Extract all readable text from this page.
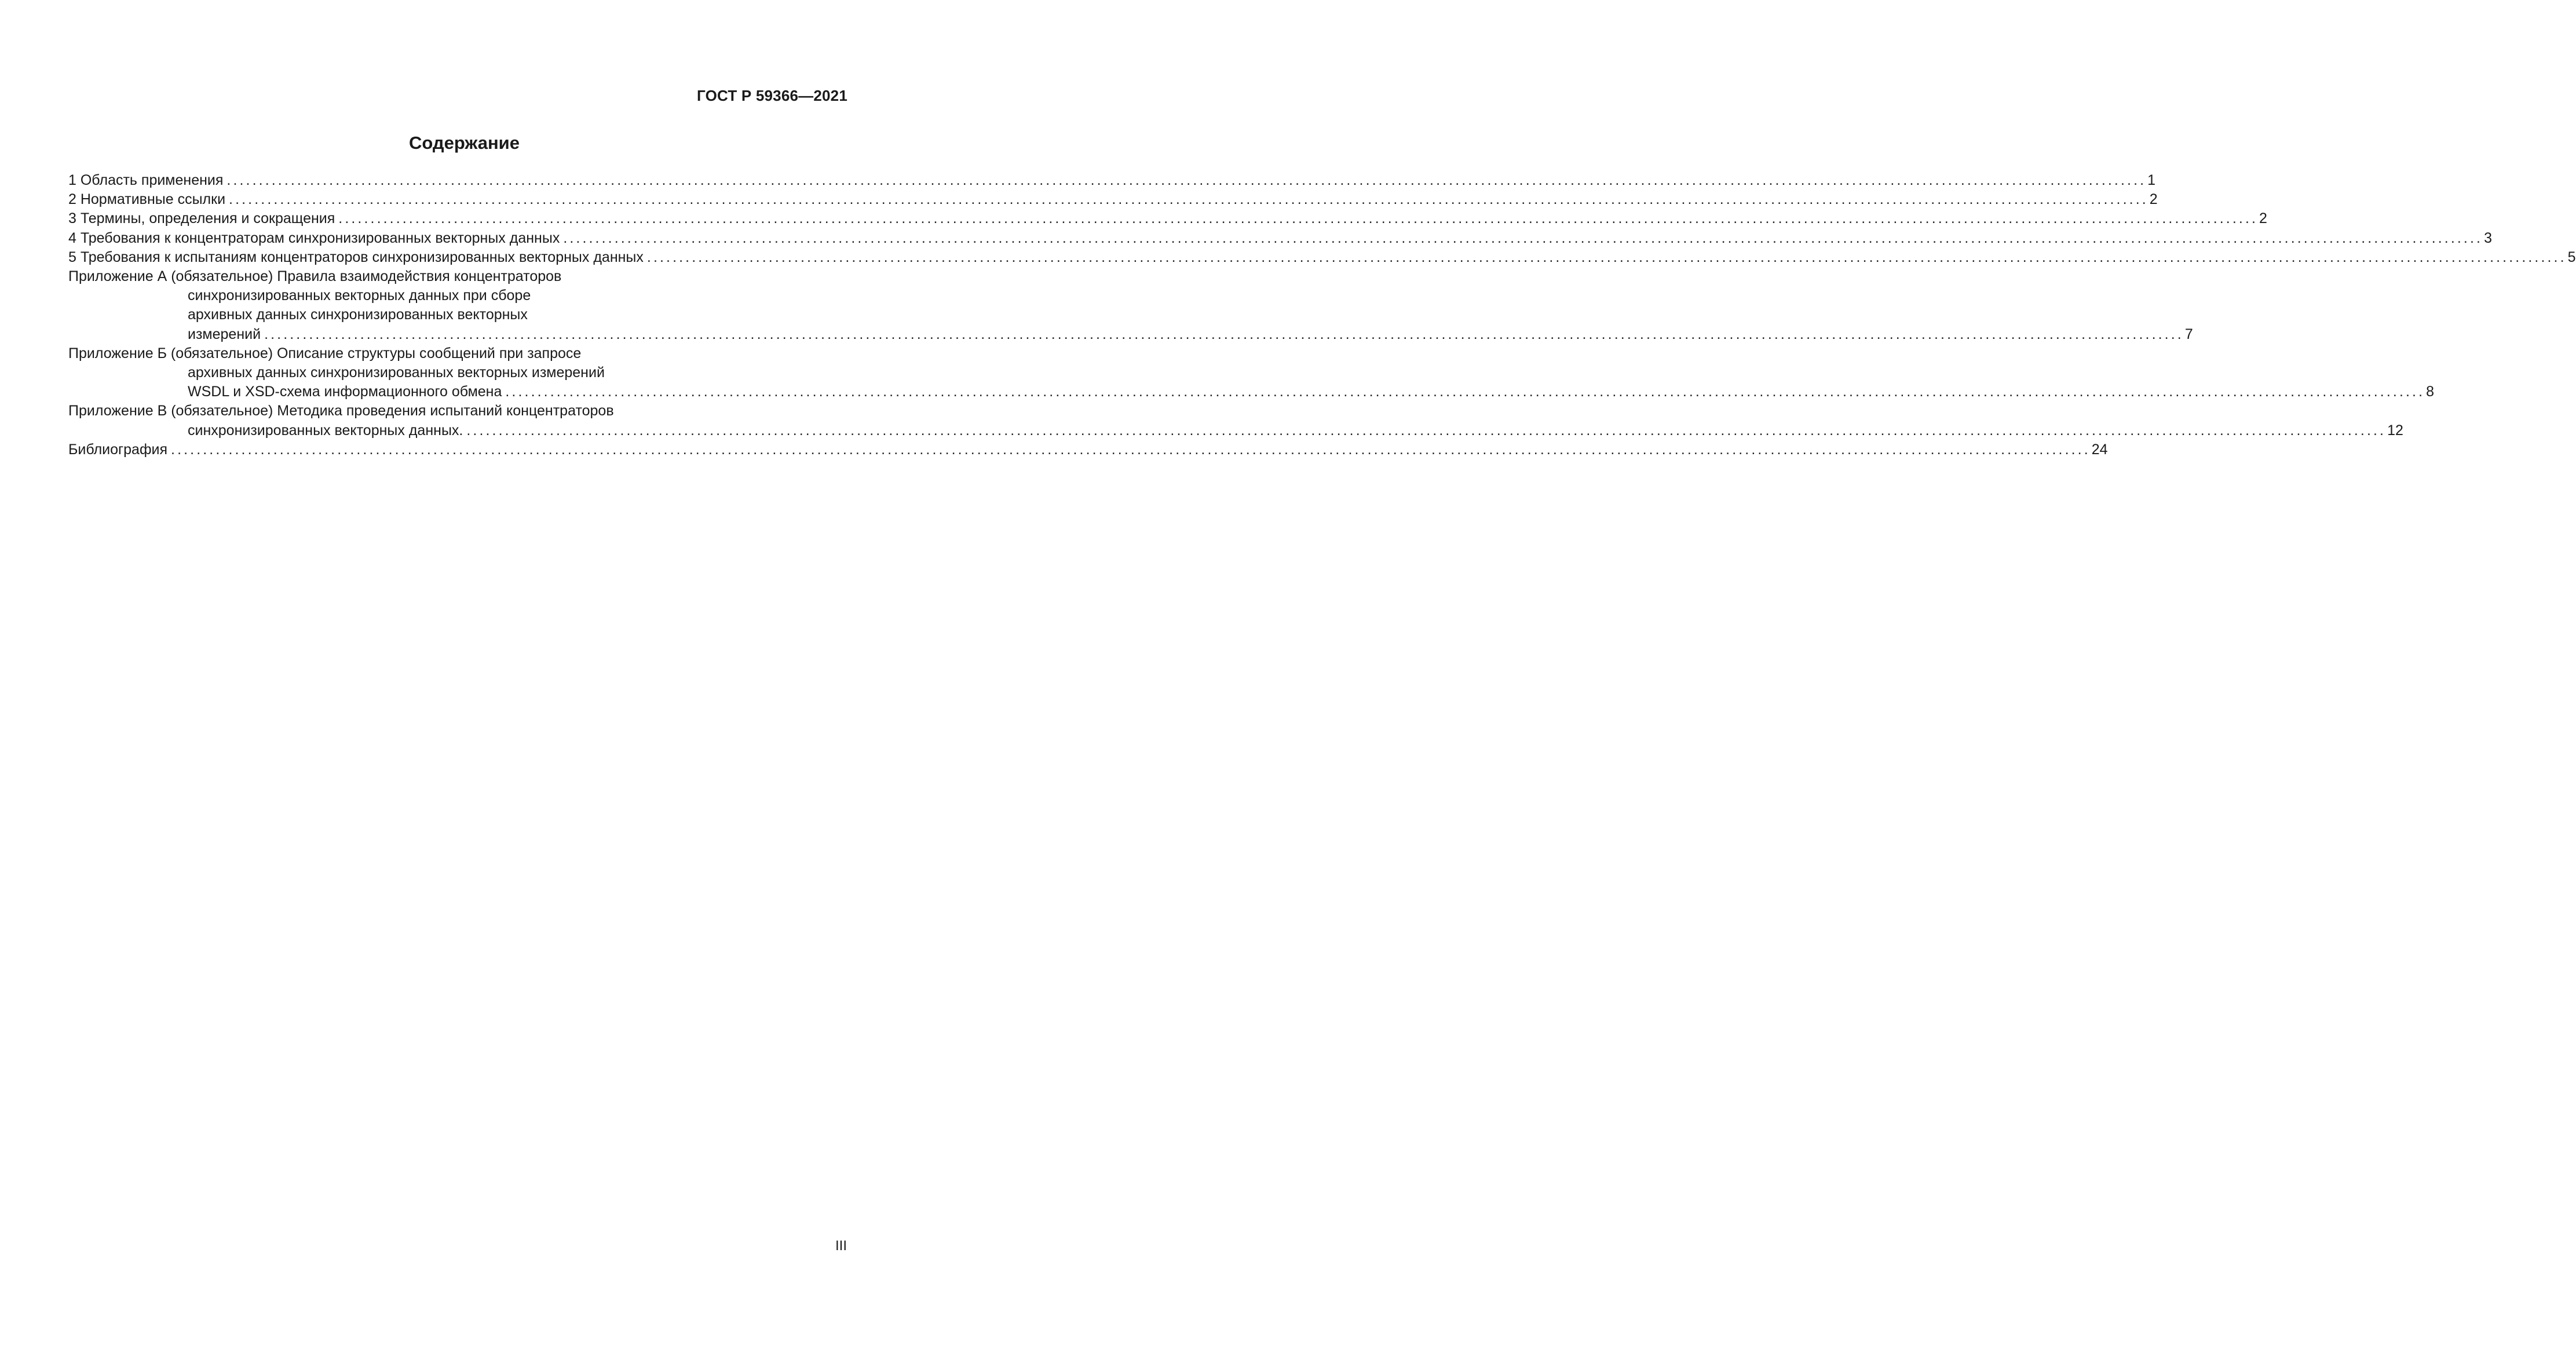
ГОСТ Р 59366—2021
Содержание
1 Область применения ............................................................................................................................................................................................................................................................................................................ 1
2 Нормативные ссылки ............................................................................................................................................................................................................................................................................................................ 2
3 Термины, определения и сокращения ............................................................................................................................................................................................................................................................................................................ 2
4 Требования к концентраторам синхронизированных векторных данных ............................................................................................................................................................................................................................................................................................................ 3
5 Требования к испытаниям концентраторов синхронизированных векторных данных ............................................................................................................................................................................................................................................................................................................ 5
Приложение А (обязательное) Правила взаимодействия концентраторов
синхронизированных векторных данных при сборе
архивных данных синхронизированных векторных
измерений ............................................................................................................................................................................................................................................................................................................ 7
Приложение Б (обязательное) Описание структуры сообщений при запросе
архивных данных синхронизированных векторных измерений
WSDL и XSD-схема информационного обмена ............................................................................................................................................................................................................................................................................................................ 8
Приложение В (обязательное) Методика проведения испытаний концентраторов
синхронизированных векторных данных. ............................................................................................................................................................................................................................................................................................................ 12
Библиография ............................................................................................................................................................................................................................................................................................................ 24
III
